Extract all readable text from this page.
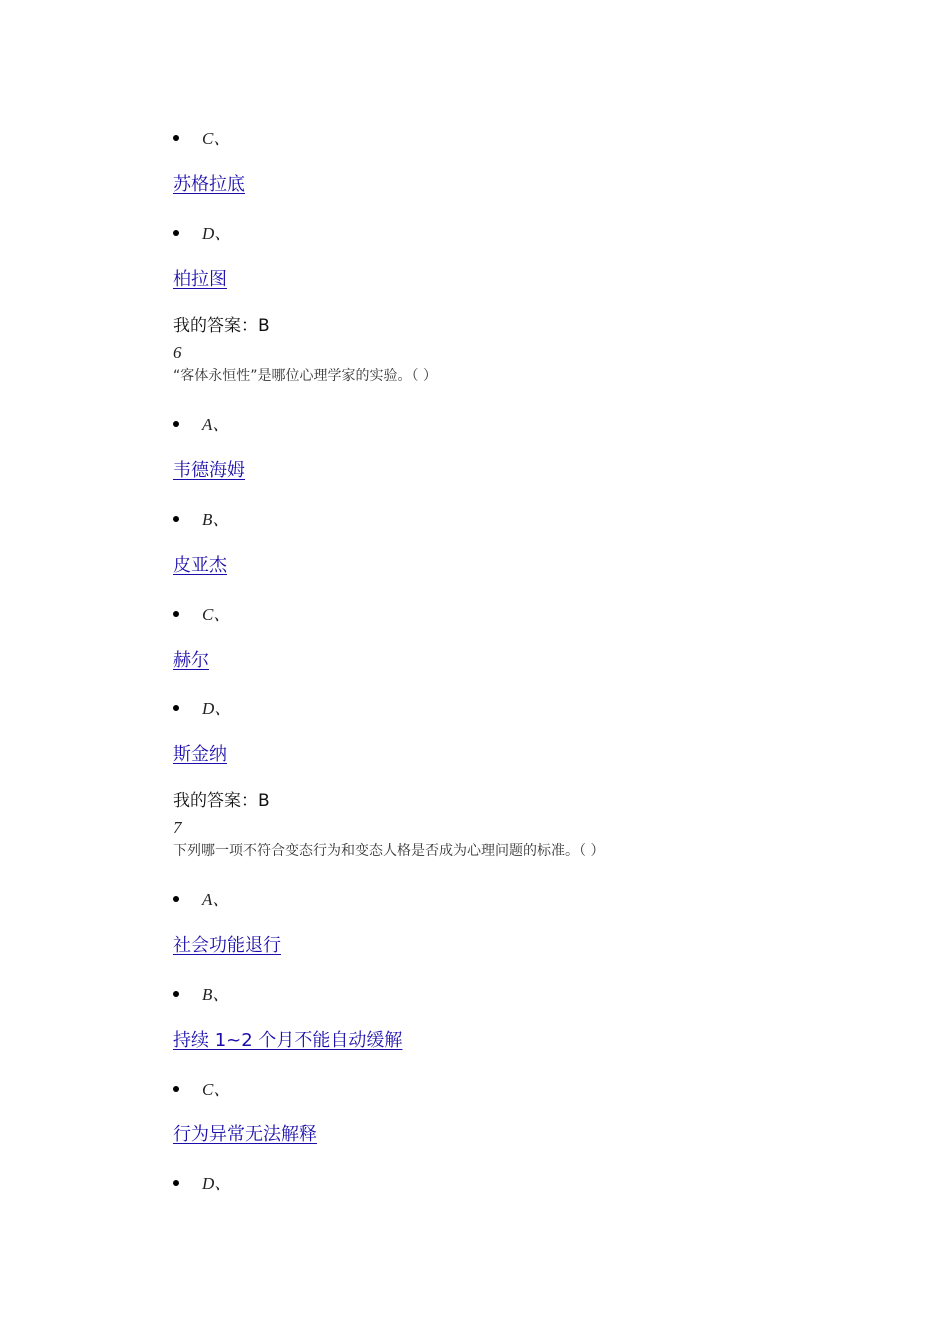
C、
苏格拉底
D、
柏拉图
我的答案：B
6
“客体永恒性”是哪位心理学家的实验。（ ）
A、
韦德海姆
B、
皮亚杰
C、
赫尔
D、
斯金纳
我的答案：B
7
下列哪一项不符合变态行为和变态人格是否成为心理问题的标准。（ ）
A、
社会功能退行
B、
持续 1~2 个月不能自动缓解
C、
行为异常无法解释
D、
